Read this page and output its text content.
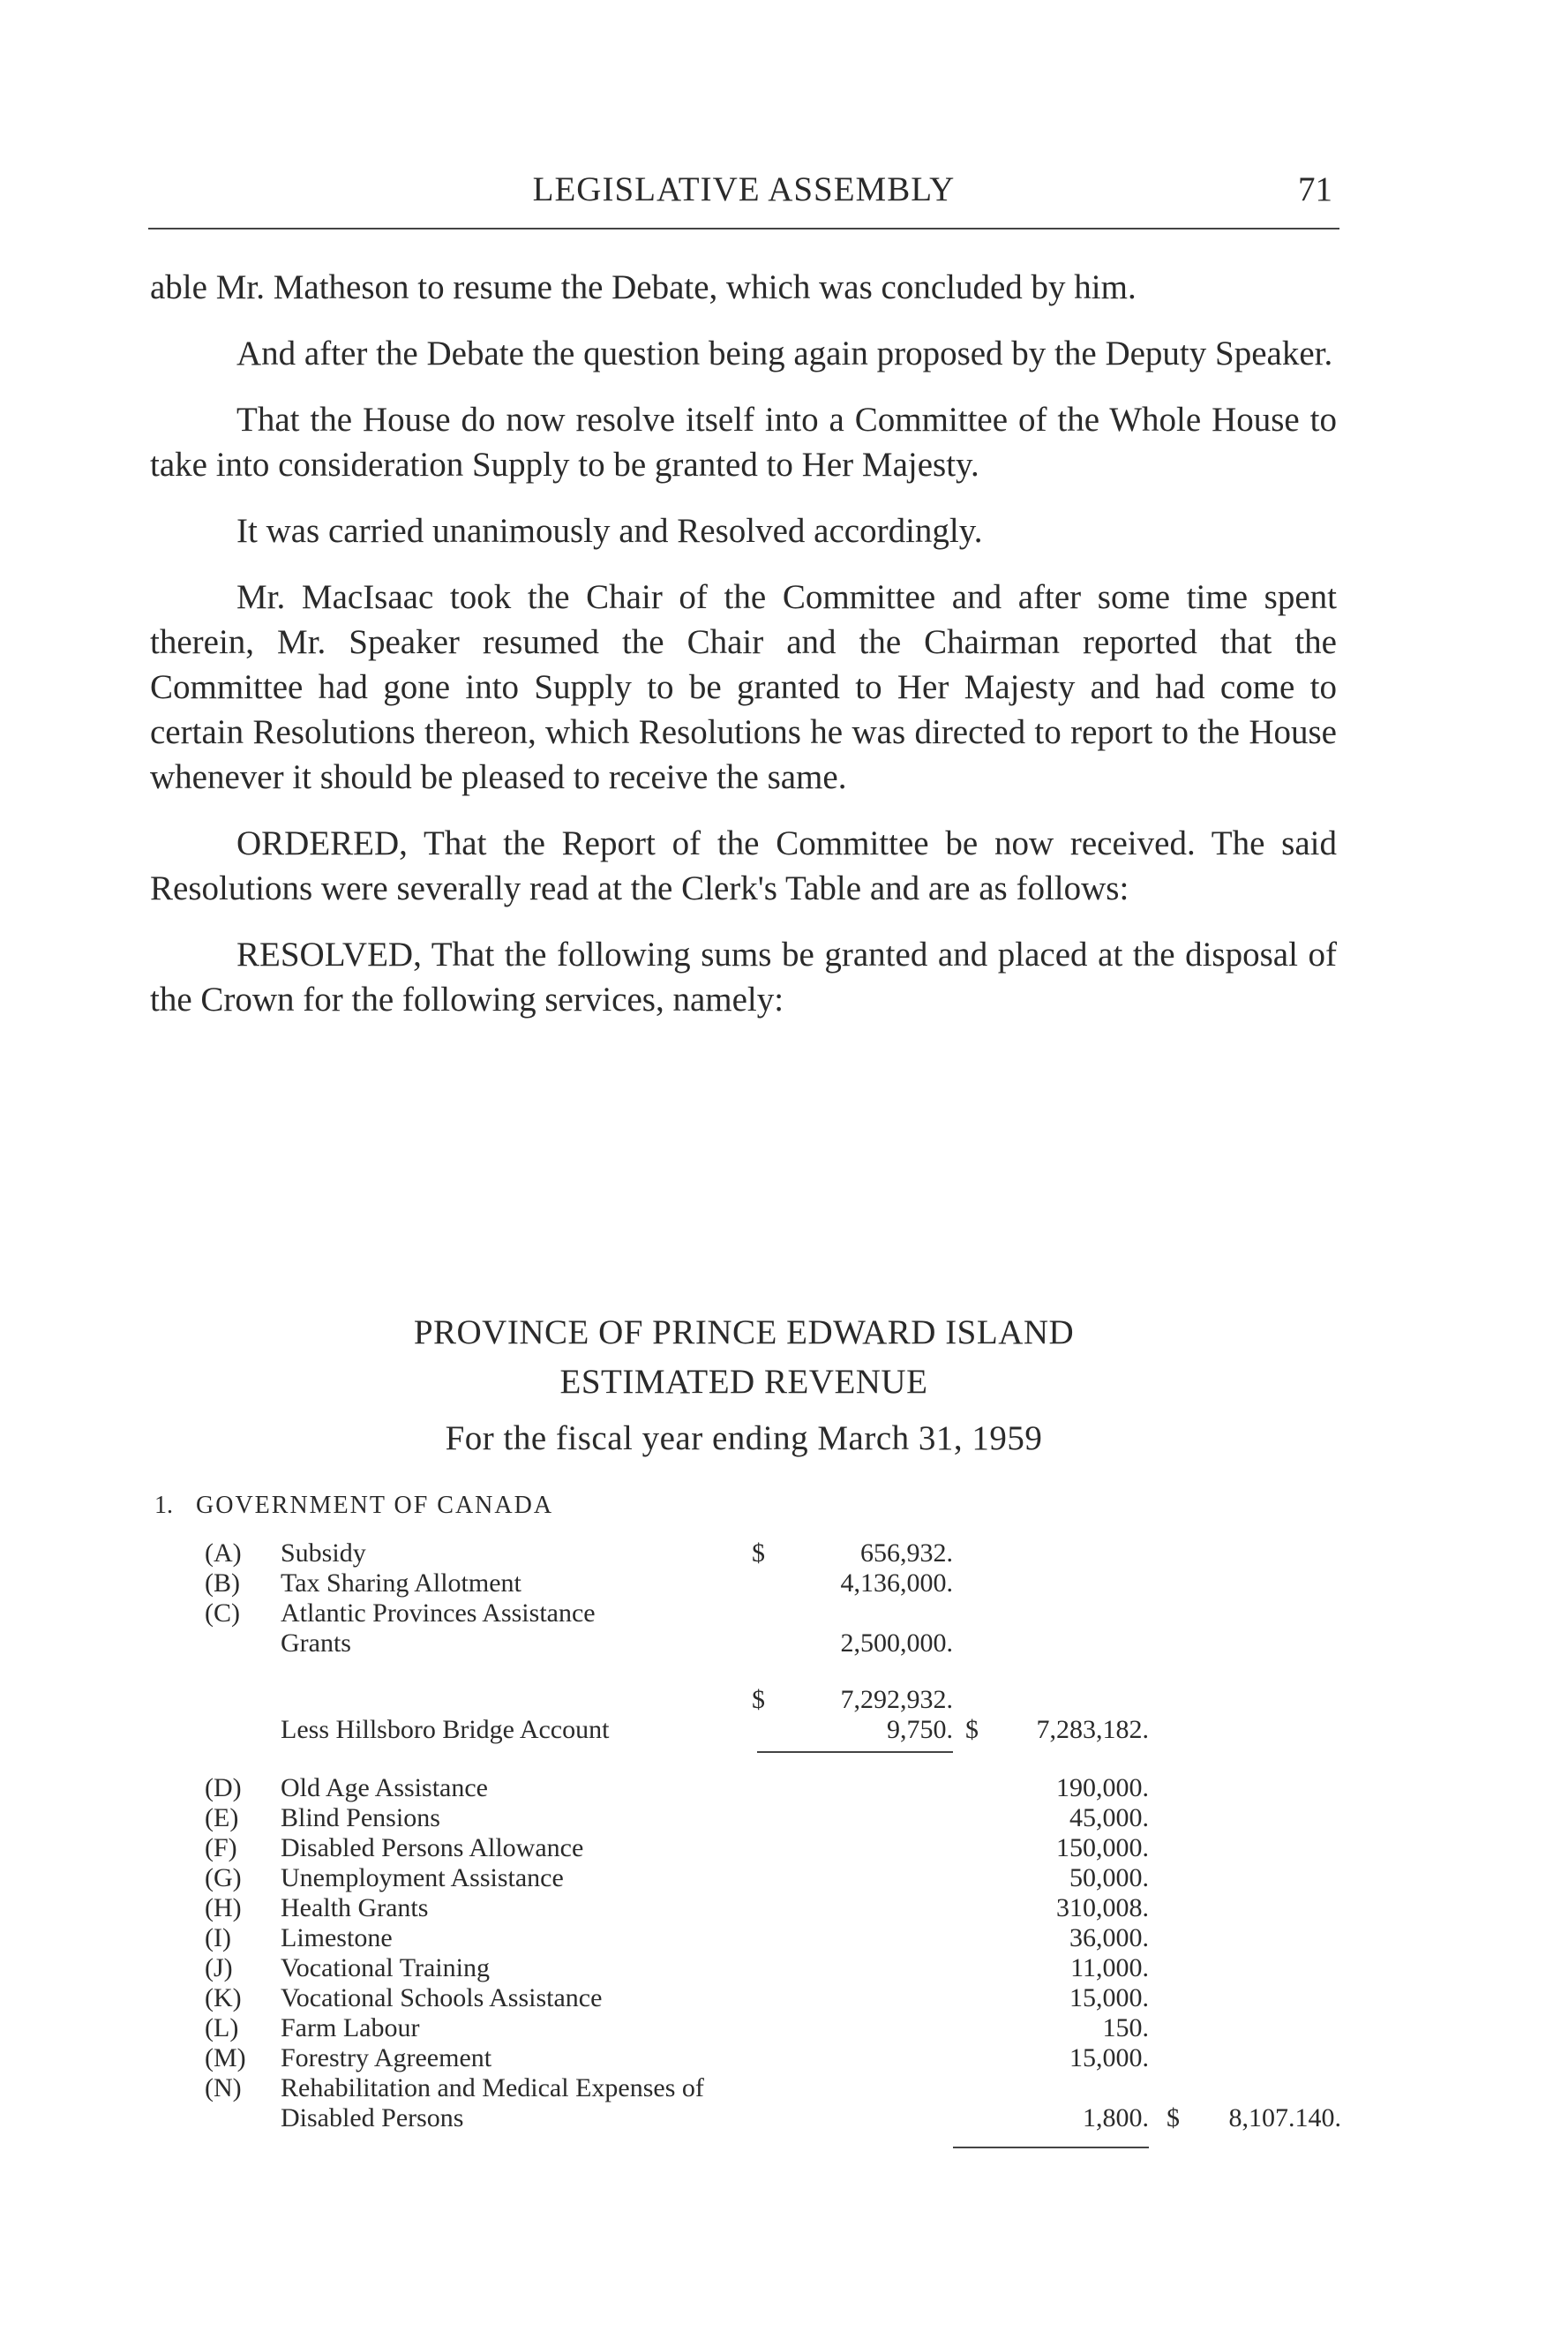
LEGISLATIVE ASSEMBLY	71

able Mr. Matheson to resume the Debate, which was concluded by him.

And after the Debate the question being again proposed by the Deputy Speaker.

That the House do now resolve itself into a Committee of the Whole House to take into consideration Supply to be granted to Her Majesty.

It was carried unanimously and Resolved accordingly.

Mr. MacIsaac took the Chair of the Committee and after some time spent therein, Mr. Speaker resumed the Chair and the Chairman reported that the Committee had gone into Supply to be granted to Her Majesty and had come to certain Resolutions thereon, which Resolutions he was directed to report to the House whenever it should be pleased to receive the same.

ORDERED, That the Report of the Committee be now received. The said Resolutions were severally read at the Clerk's Table and are as follows:

RESOLVED, That the following sums be granted and placed at the disposal of the Crown for the following services, namely:

PROVINCE OF PRINCE EDWARD ISLAND
ESTIMATED REVENUE
For the fiscal year ending March 31, 1959
1. GOVERNMENT OF CANADA
(A) Subsidy	$	656,932.
(B) Tax Sharing Allotment	4,136,000.
(C) Atlantic Provinces Assistance
Grants	2,500,000.
$	7,292,932.
Less Hillsboro Bridge Account	9,750. $	7,283,182.
(D) Old Age Assistance	190,000.
(E) Blind Pensions	45,000.
(F) Disabled Persons Allowance	150,000.
(G) Unemployment Assistance	50,000.
(H) Health Grants	310,008.
(I) Limestone	36,000.
(J) Vocational Training	11,000.
(K) Vocational Schools Assistance	15,000.
(L) Farm Labour	150.
(M) Forestry Agreement	15,000.
(N) Rehabilitation and Medical Expenses of
Disabled Persons	1,800. $	8,107.140.
